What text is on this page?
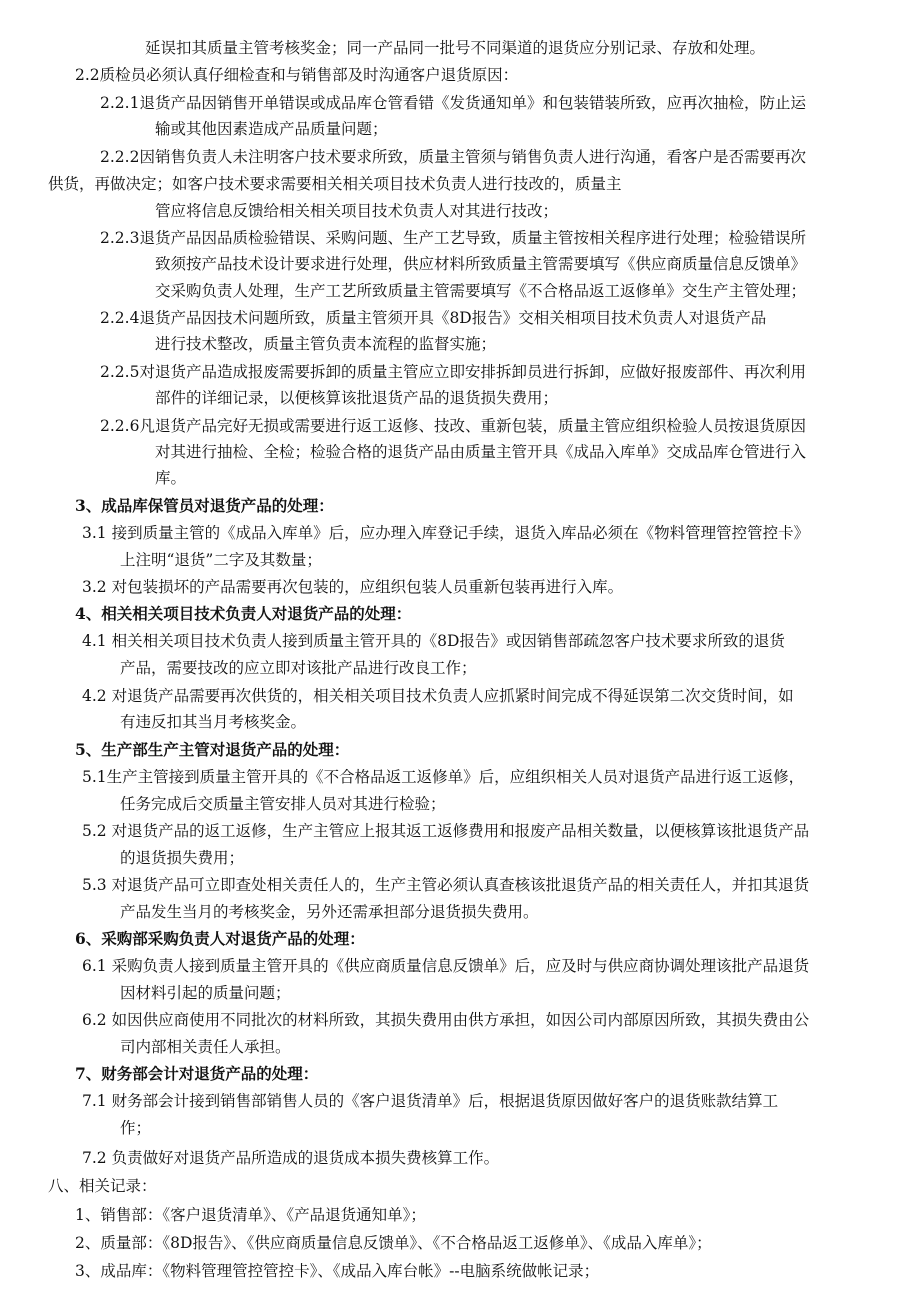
延误扣其质量主管考核奖金；同一产品同一批号不同渠道的退货应分别记录、存放和处理。
2.2质检员必须认真仔细检查和与销售部及时沟通客户退货原因：
2.2.1退货产品因销售开单错误或成品库仓管看错《发货通知单》和包装错装所致，应再次抽检，防止运
输或其他因素造成产品质量问题；
2.2.2因销售负责人未注明客户技术要求所致，质量主管须与销售负责人进行沟通，看客户是否需要再次
供货，再做决定；如客户技术要求需要相关相关项目技术负责人进行技改的，质量主
管应将信息反馈给相关相关项目技术负责人对其进行技改；
2.2.3退货产品因品质检验错误、采购问题、生产工艺导致，质量主管按相关程序进行处理；检验错误所
致须按产品技术设计要求进行处理，供应材料所致质量主管需要填写《供应商质量信息反馈单》
交采购负责人处理，生产工艺所致质量主管需要填写《不合格品返工返修单》交生产主管处理；
2.2.4退货产品因技术问题所致，质量主管须开具《8D报告》交相关相项目技术负责人对退货产品
进行技术整改，质量主管负责本流程的监督实施；
2.2.5对退货产品造成报废需要拆卸的质量主管应立即安排拆卸员进行拆卸，应做好报废部件、再次利用
部件的详细记录，以便核算该批退货产品的退货损失费用；
2.2.6凡退货产品完好无损或需要进行返工返修、技改、重新包装，质量主管应组织检验人员按退货原因
对其进行抽检、全检；检验合格的退货产品由质量主管开具《成品入库单》交成品库仓管进行入
库。
3、成品库保管员对退货产品的处理：
3.1 接到质量主管的《成品入库单》后，应办理入库登记手续，退货入库品必须在《物料管理管控管控卡》
上注明“退货”二字及其数量；
3.2 对包装损坏的产品需要再次包装的，应组织包装人员重新包装再进行入库。
4、相关相关项目技术负责人对退货产品的处理：
4.1 相关相关项目技术负责人接到质量主管开具的《8D报告》或因销售部疏忽客户技术要求所致的退货
产品，需要技改的应立即对该批产品进行改良工作；
4.2 对退货产品需要再次供货的，相关相关项目技术负责人应抓紧时间完成不得延误第二次交货时间，如
有违反扣其当月考核奖金。
5、生产部生产主管对退货产品的处理：
5.1生产主管接到质量主管开具的《不合格品返工返修单》后，应组织相关人员对退货产品进行返工返修，
任务完成后交质量主管安排人员对其进行检验；
5.2 对退货产品的返工返修，生产主管应上报其返工返修费用和报废产品相关数量，以便核算该批退货产品
的退货损失费用；
5.3 对退货产品可立即查处相关责任人的，生产主管必须认真查核该批退货产品的相关责任人，并扣其退货
产品发生当月的考核奖金，另外还需承担部分退货损失费用。
6、采购部采购负责人对退货产品的处理：
6.1 采购负责人接到质量主管开具的《供应商质量信息反馈单》后，应及时与供应商协调处理该批产品退货
因材料引起的质量问题；
6.2 如因供应商使用不同批次的材料所致，其损失费用由供方承担，如因公司内部原因所致，其损失费由公
司内部相关责任人承担。
7、财务部会计对退货产品的处理：
7.1 财务部会计接到销售部销售人员的《客户退货清单》后，根据退货原因做好客户的退货账款结算工
作；
7.2 负责做好对退货产品所造成的退货成本损失费核算工作。
八、相关记录：
1、销售部：《客户退货清单》、《产品退货通知单》；
2、质量部：《8D报告》、《供应商质量信息反馈单》、《不合格品返工返修单》、《成品入库单》；
3、成品库：《物料管理管控管控卡》、《成品入库台帐》--电脑系统做帐记录；
